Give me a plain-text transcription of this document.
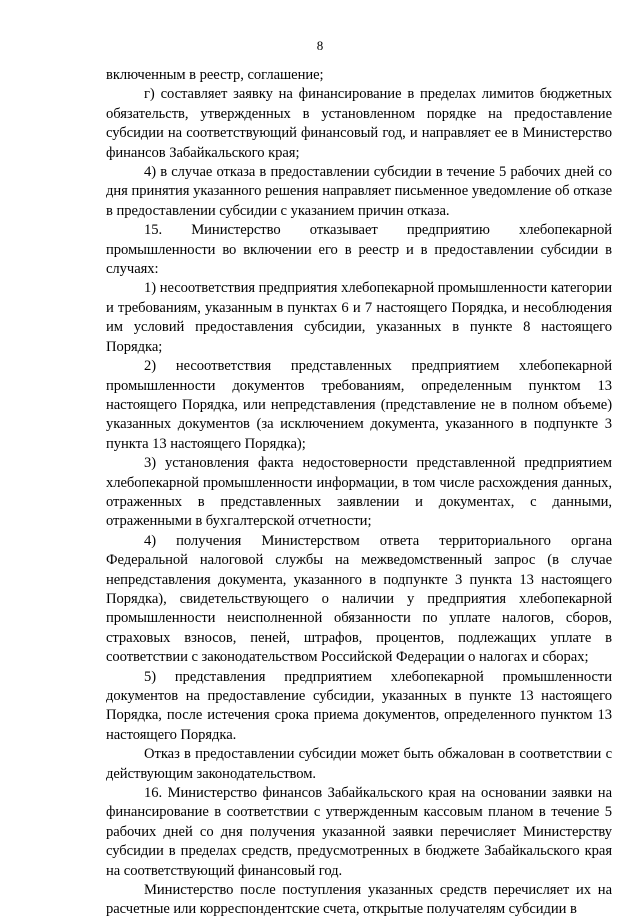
8

включенным в реестр, соглашение;

г) составляет заявку на финансирование в пределах лимитов бюджетных обязательств, утвержденных в установленном порядке на предоставление субсидии на соответствующий финансовый год, и направляет ее в Министерство финансов Забайкальского края;

4) в случае отказа в предоставлении субсидии в течение 5 рабочих дней со дня принятия указанного решения направляет письменное уведомление об отказе в предоставлении субсидии с указанием причин отказа.

15. Министерство отказывает предприятию хлебопекарной промышленности во включении его в реестр и в предоставлении субсидии в случаях:

1) несоответствия предприятия хлебопекарной промышленности категории и требованиям, указанным в пунктах 6 и 7 настоящего Порядка, и несоблюдения им условий предоставления субсидии, указанных в пункте 8 настоящего Порядка;

2) несоответствия представленных предприятием хлебопекарной промышленности документов требованиям, определенным пунктом 13 настоящего Порядка, или непредставления (представление не в полном объеме) указанных документов (за исключением документа, указанного в подпункте 3 пункта 13 настоящего Порядка);

3) установления факта недостоверности представленной предприятием хлебопекарной промышленности информации, в том числе расхождения данных, отраженных в представленных заявлении и документах, с данными, отраженными в бухгалтерской отчетности;

4) получения Министерством ответа территориального органа Федеральной налоговой службы на межведомственный запрос (в случае непредставления документа, указанного в подпункте 3 пункта 13 настоящего Порядка), свидетельствующего о наличии у предприятия хлебопекарной промышленности неисполненной обязанности по уплате налогов, сборов, страховых взносов, пеней, штрафов, процентов, подлежащих уплате в соответствии с законодательством Российской Федерации о налогах и сборах;

5) представления предприятием хлебопекарной промышленности документов на предоставление субсидии, указанных в пункте 13 настоящего Порядка, после истечения срока приема документов, определенного пунктом 13 настоящего Порядка.

Отказ в предоставлении субсидии может быть обжалован в соответствии с действующим законодательством.

16. Министерство финансов Забайкальского края на основании заявки на финансирование в соответствии с утвержденным кассовым планом в течение 5 рабочих дней со дня получения указанной заявки перечисляет Министерству субсидии в пределах средств, предусмотренных в бюджете Забайкальского края на соответствующий финансовый год.

Министерство после поступления указанных средств перечисляет их на расчетные или корреспондентские счета, открытые получателям субсидии в
